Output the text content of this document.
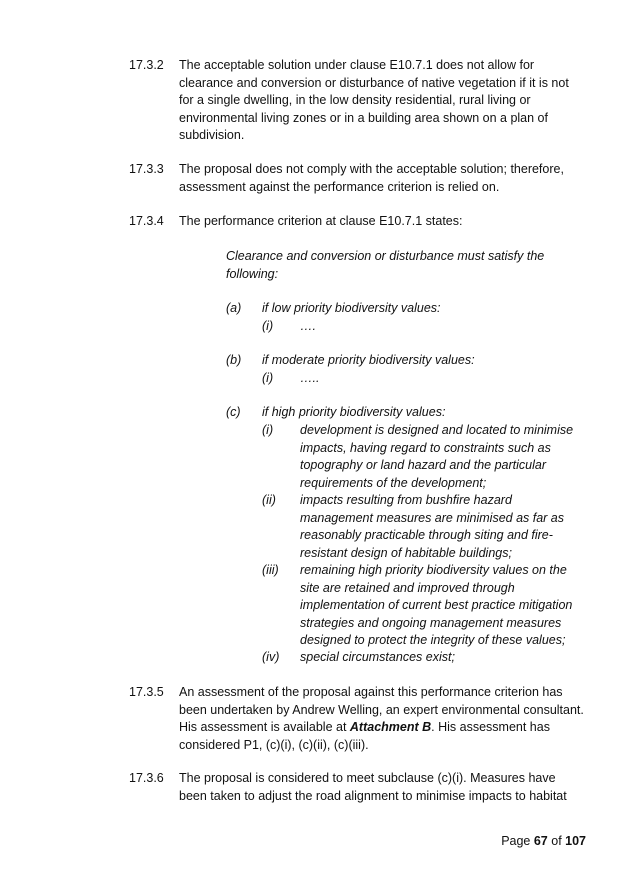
17.3.2 The acceptable solution under clause E10.7.1 does not allow for clearance and conversion or disturbance of native vegetation if it is not for a single dwelling, in the low density residential, rural living or environmental living zones or in a building area shown on a plan of subdivision.
17.3.3 The proposal does not comply with the acceptable solution; therefore, assessment against the performance criterion is relied on.
17.3.4 The performance criterion at clause E10.7.1 states:
Clearance and conversion or disturbance must satisfy the following:
(a) if low priority biodiversity values:
(i) ….
(b) if moderate priority biodiversity values:
(i) …..
(c) if high priority biodiversity values:
(i) development is designed and located to minimise impacts, having regard to constraints such as topography or land hazard and the particular requirements of the development;
(ii) impacts resulting from bushfire hazard management measures are minimised as far as reasonably practicable through siting and fire-resistant design of habitable buildings;
(iii) remaining high priority biodiversity values on the site are retained and improved through implementation of current best practice mitigation strategies and ongoing management measures designed to protect the integrity of these values;
(iv) special circumstances exist;
17.3.5 An assessment of the proposal against this performance criterion has been undertaken by Andrew Welling, an expert environmental consultant. His assessment is available at Attachment B. His assessment has considered P1, (c)(i), (c)(ii), (c)(iii).
17.3.6 The proposal is considered to meet subclause (c)(i). Measures have been taken to adjust the road alignment to minimise impacts to habitat
Page 67 of 107
